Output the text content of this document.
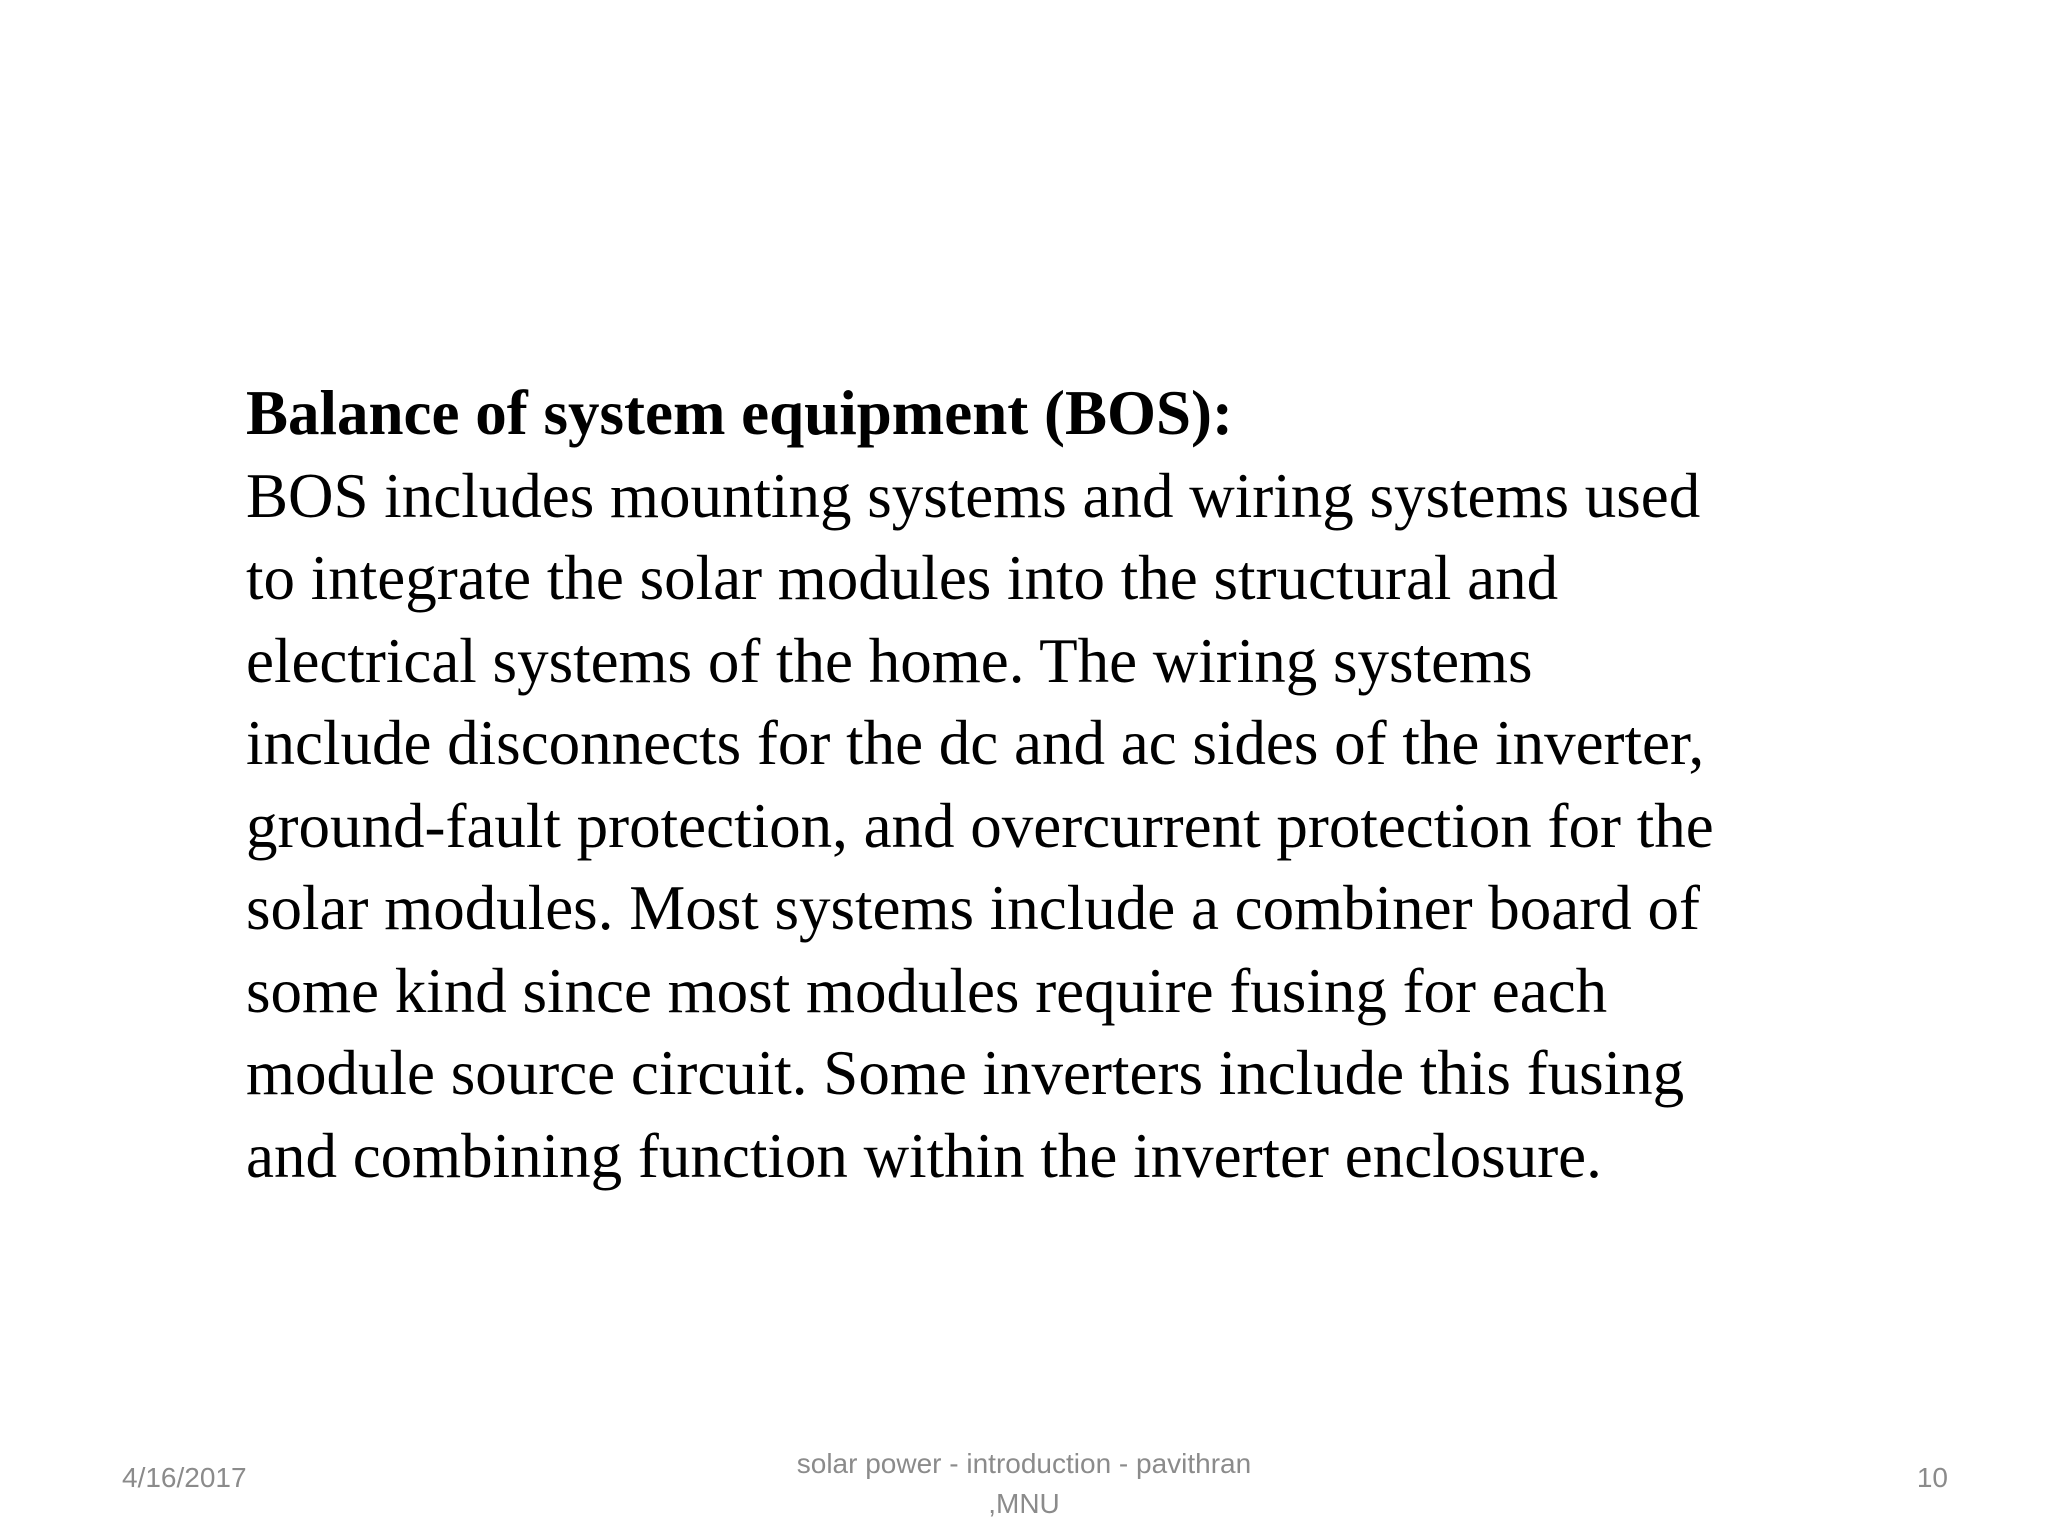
Balance of system equipment (BOS):
BOS includes mounting systems and wiring systems used
to integrate the solar modules into the structural and
electrical systems of the home. The wiring systems
include disconnects for the dc and ac sides of the inverter,
ground-fault protection, and overcurrent protection for the
solar modules. Most systems include a combiner board of
some kind since most modules require fusing for each
module source circuit. Some inverters include this fusing
and combining function within the inverter enclosure.
4/16/2017	solar power - introduction - pavithran
,MNU
10
